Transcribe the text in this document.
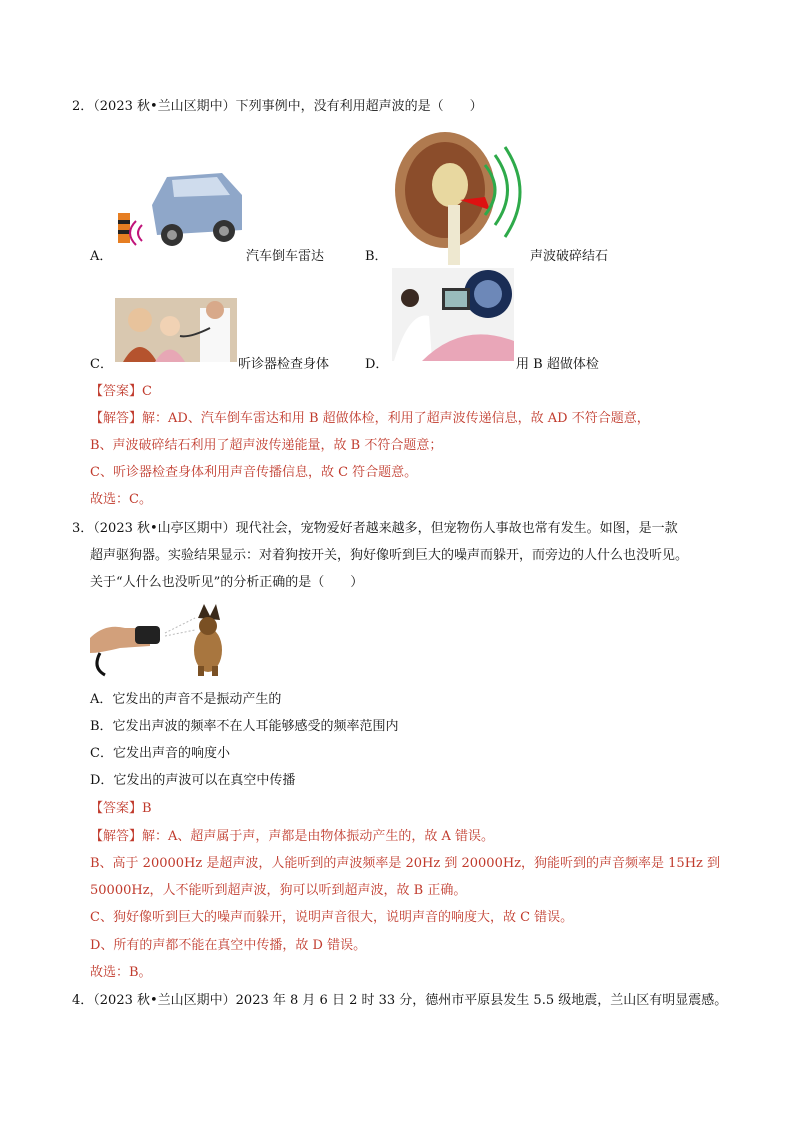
2．（2023 秋•兰山区期中）下列事例中，没有利用超声波的是（　　）
A．	汽车倒车雷达	B．	声波破碎结石
C．	听诊器检查身体	D．	用 B 超做体检
【答案】C
【解答】解：AD、汽车倒车雷达和用 B 超做体检，利用了超声波传递信息，故 AD 不符合题意，
B、声波破碎结石利用了超声波传递能量，故 B 不符合题意；
C、听诊器检查身体利用声音传播信息，故 C 符合题意。
故选：C。
3．（2023 秋•山亭区期中）现代社会，宠物爱好者越来越多，但宠物伤人事故也常有发生。如图，是一款
超声驱狗器。实验结果显示：对着狗按开关，狗好像听到巨大的噪声而躲开，而旁边的人什么也没听见。
关于“人什么也没听见”的分析正确的是（　　）
A．它发出的声音不是振动产生的
B．它发出声波的频率不在人耳能够感受的频率范围内
C．它发出声音的响度小
D．它发出的声波可以在真空中传播
【答案】B
【解答】解：A、超声属于声，声都是由物体振动产生的，故 A 错误。
B、高于 20000Hz 是超声波，人能听到的声波频率是 20Hz 到 20000Hz，狗能听到的声音频率是 15Hz 到
50000Hz，人不能听到超声波，狗可以听到超声波，故 B 正确。
C、狗好像听到巨大的噪声而躲开，说明声音很大，说明声音的响度大，故 C 错误。
D、所有的声都不能在真空中传播，故 D 错误。
故选：B。
4．（2023 秋•兰山区期中）2023 年 8 月 6 日 2 时 33 分，德州市平原县发生 5.5 级地震，兰山区有明显震感。
